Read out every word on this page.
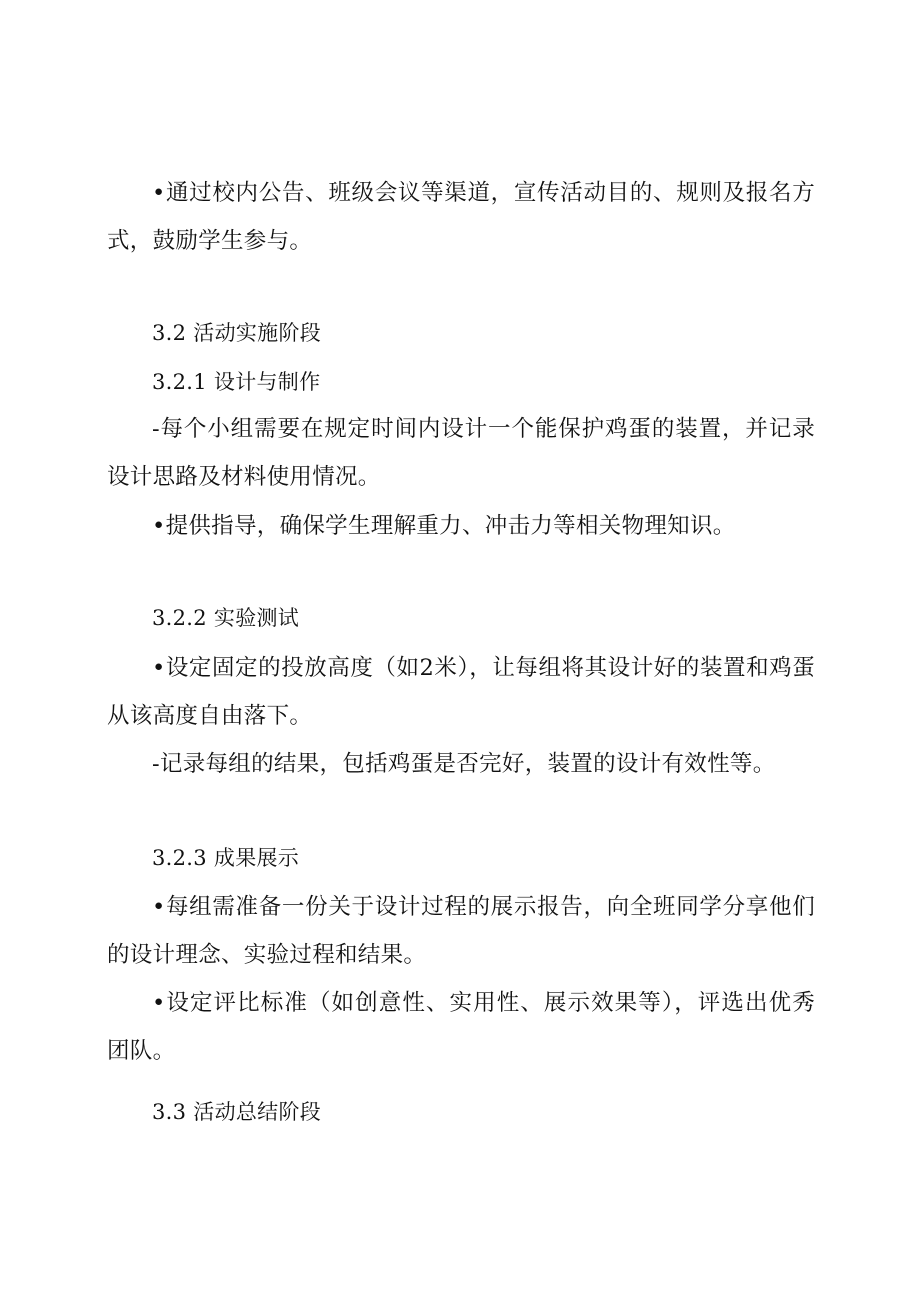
•通过校内公告、班级会议等渠道，宣传活动目的、规则及报名方式，鼓励学生参与。

3.2 活动实施阶段

3.2.1 设计与制作

-每个小组需要在规定时间内设计一个能保护鸡蛋的装置，并记录设计思路及材料使用情况。

•提供指导，确保学生理解重力、冲击力等相关物理知识。

3.2.2 实验测试

•设定固定的投放高度（如2米），让每组将其设计好的装置和鸡蛋从该高度自由落下。

-记录每组的结果，包括鸡蛋是否完好，装置的设计有效性等。

3.2.3 成果展示

•每组需准备一份关于设计过程的展示报告，向全班同学分享他们的设计理念、实验过程和结果。

•设定评比标准（如创意性、实用性、展示效果等），评选出优秀团队。

3.3 活动总结阶段
